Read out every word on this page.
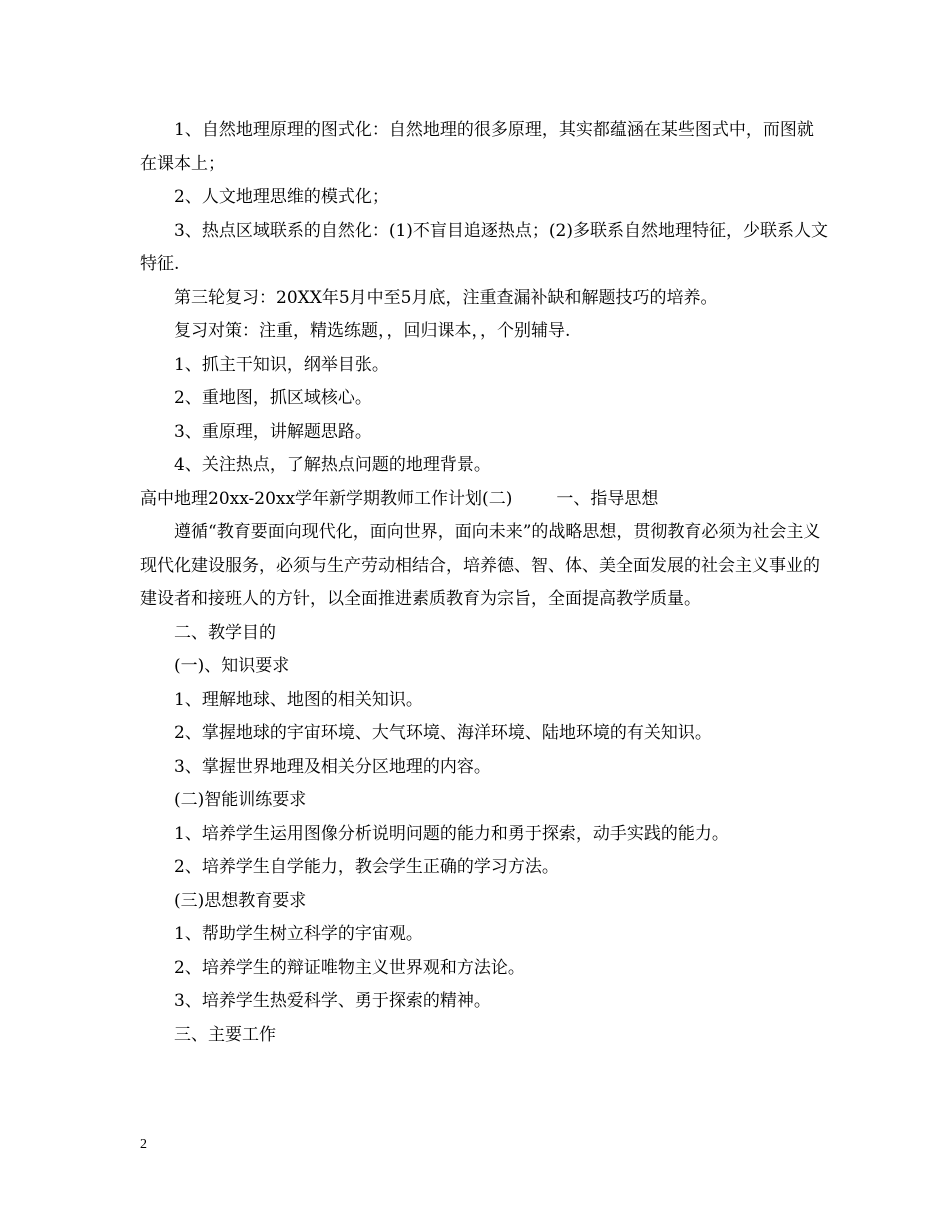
1、自然地理原理的图式化：自然地理的很多原理，其实都蕴涵在某些图式中，而图就在课本上；

2、人文地理思维的模式化；

3、热点区域联系的自然化：(1)不盲目追逐热点；(2)多联系自然地理特征，少联系人文特征.

第三轮复习：20XX年5月中至5月底，注重查漏补缺和解题技巧的培养。

复习对策：注重，精选练题，，回归课本，，个别辅导.

1、抓主干知识，纲举目张。

2、重地图，抓区域核心。

3、重原理，讲解题思路。

4、关注热点，了解热点问题的地理背景。

高中地理20xx-20xx学年新学期教师工作计划(二)	一、指导思想

遵循“教育要面向现代化，面向世界，面向未来”的战略思想，贯彻教育必须为社会主义现代化建设服务，必须与生产劳动相结合，培养德、智、体、美全面发展的社会主义事业的建设者和接班人的方针，以全面推进素质教育为宗旨，全面提高教学质量。

二、教学目的

(一)、知识要求

1、理解地球、地图的相关知识。

2、掌握地球的宇宙环境、大气环境、海洋环境、陆地环境的有关知识。

3、掌握世界地理及相关分区地理的内容。

(二)智能训练要求

1、培养学生运用图像分析说明问题的能力和勇于探索，动手实践的能力。

2、培养学生自学能力，教会学生正确的学习方法。

(三)思想教育要求

1、帮助学生树立科学的宇宙观。

2、培养学生的辩证唯物主义世界观和方法论。

3、培养学生热爱科学、勇于探索的精神。

三、主要工作

2
